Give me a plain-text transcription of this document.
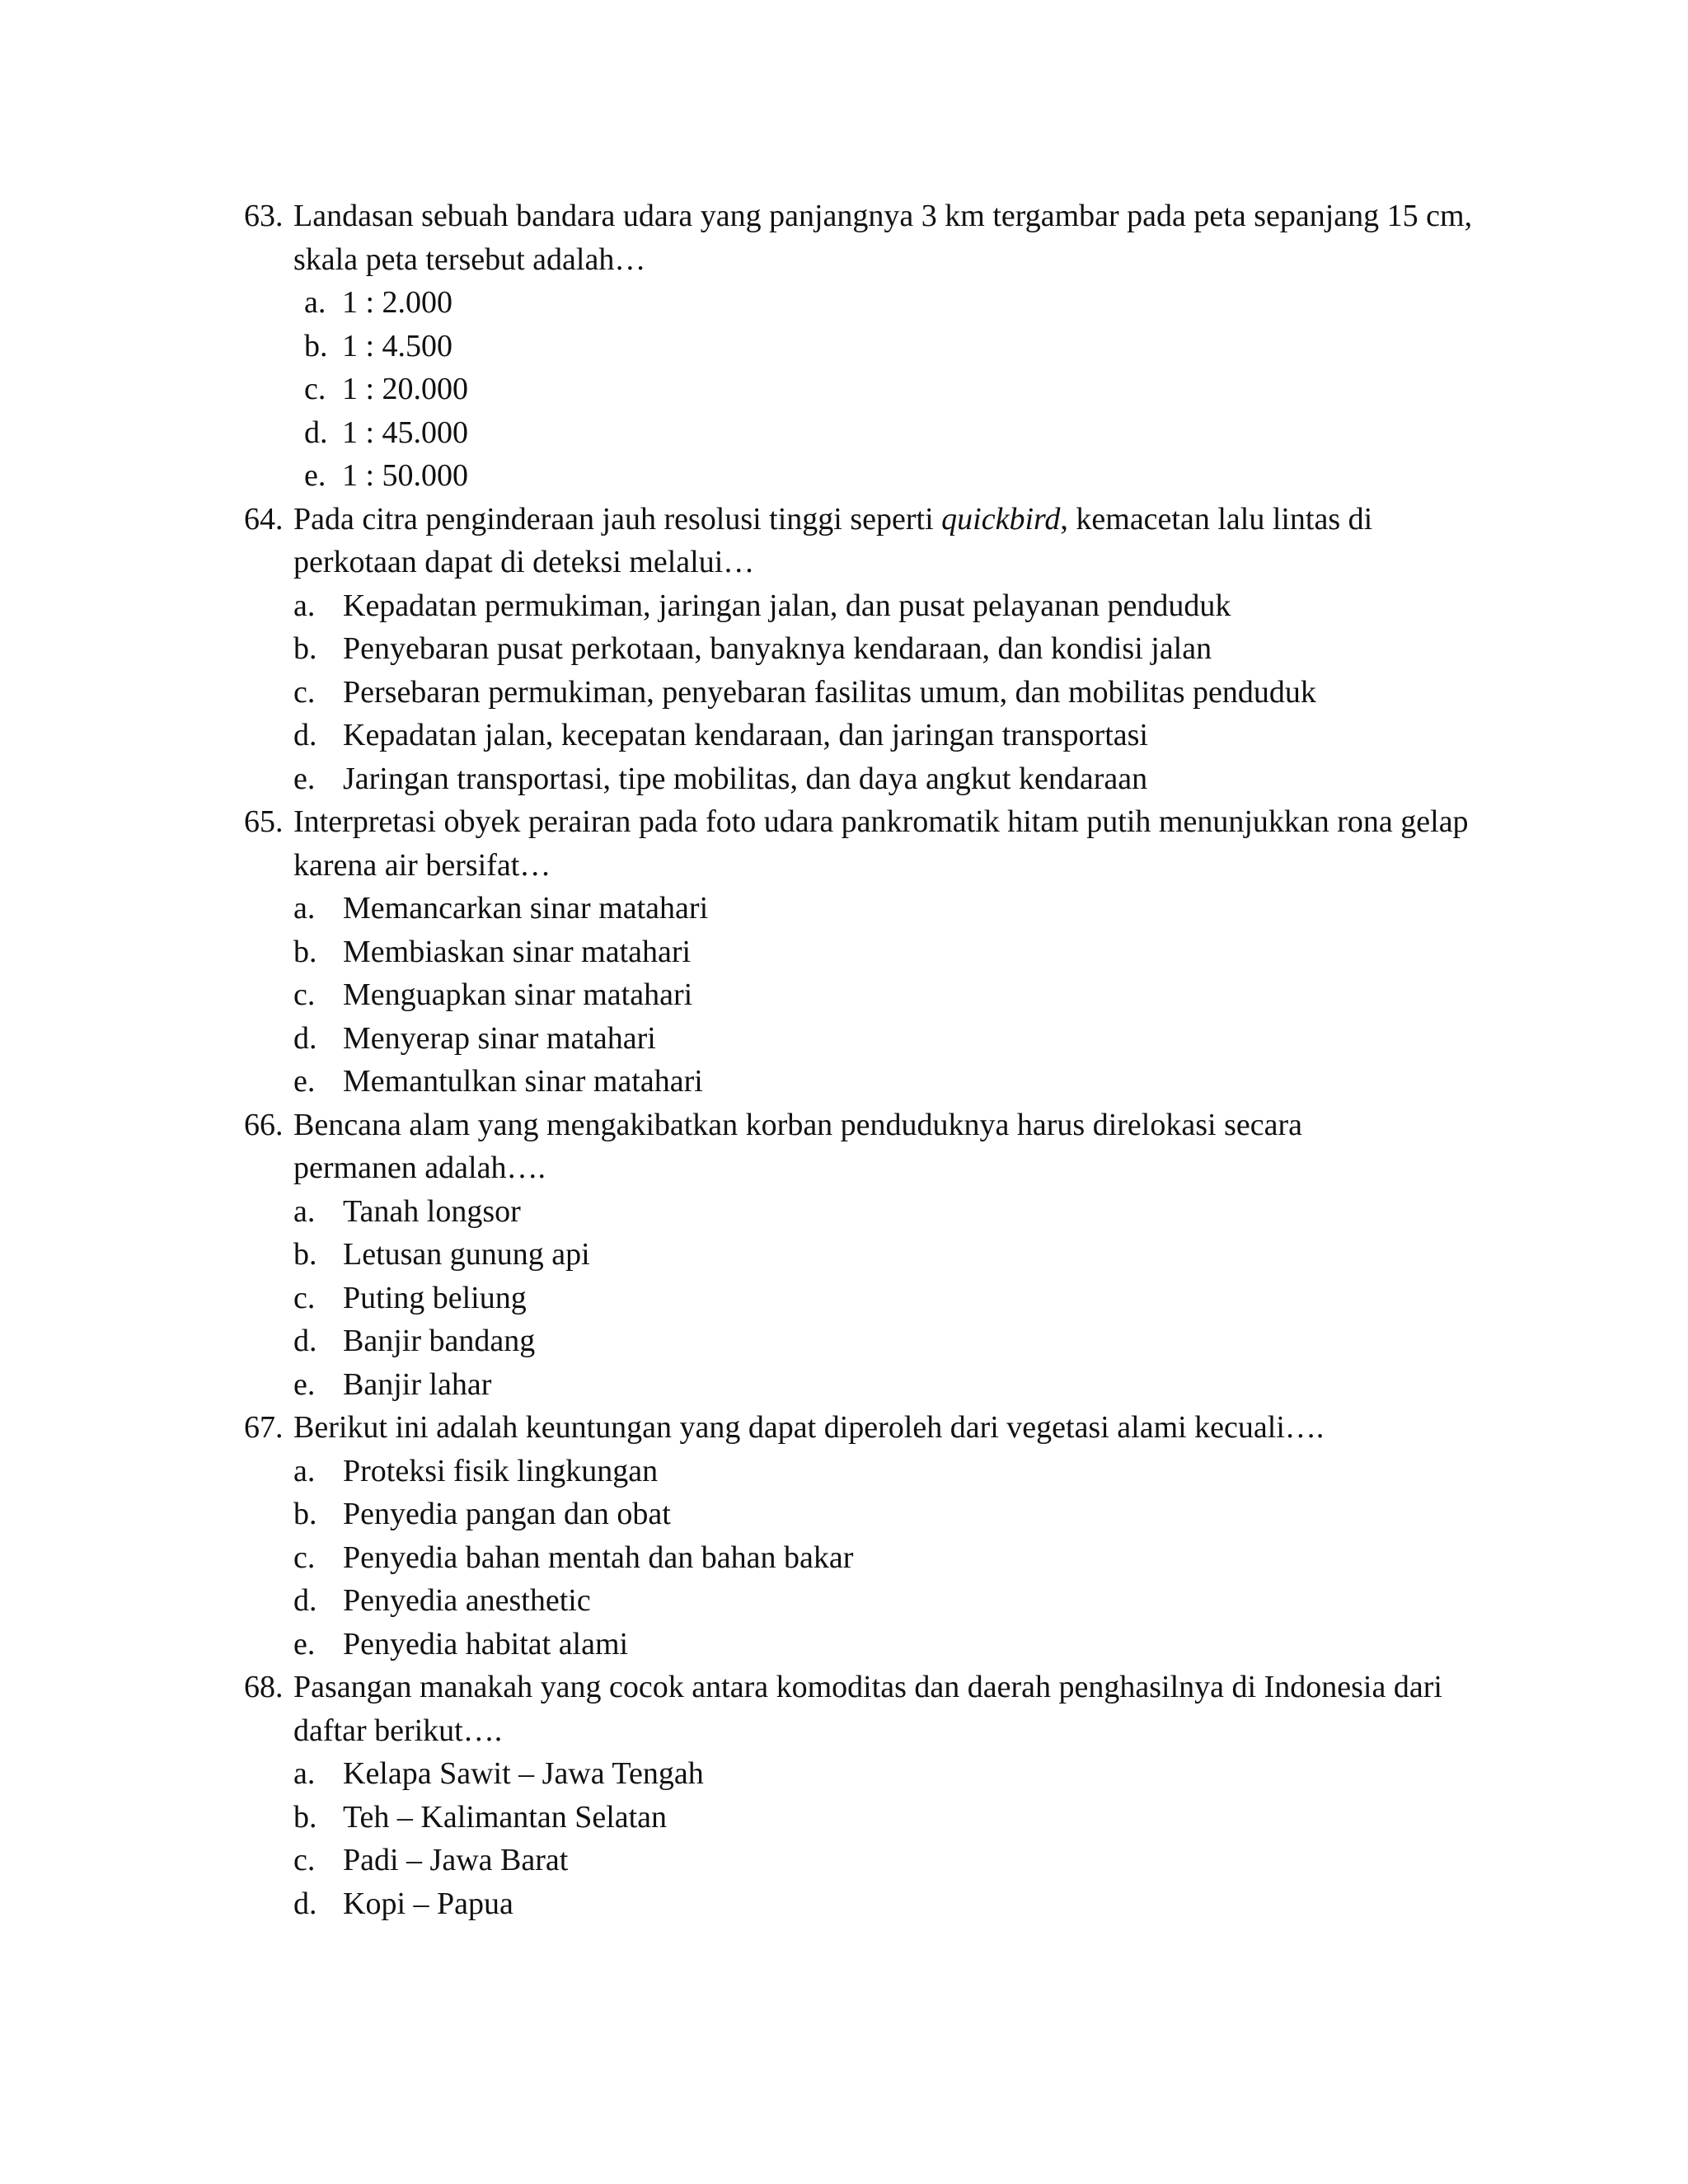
63. Landasan sebuah bandara udara yang panjangnya 3 km tergambar pada peta sepanjang 15 cm, skala peta tersebut adalah…
a. 1 : 2.000
b. 1 : 4.500
c. 1 : 20.000
d. 1 : 45.000
e. 1 : 50.000
64. Pada citra penginderaan jauh resolusi tinggi seperti quickbird, kemacetan lalu lintas di perkotaan dapat di deteksi melalui…
a. Kepadatan permukiman, jaringan jalan, dan pusat pelayanan penduduk
b. Penyebaran pusat perkotaan, banyaknya kendaraan, dan kondisi jalan
c. Persebaran permukiman, penyebaran fasilitas umum, dan mobilitas penduduk
d. Kepadatan jalan, kecepatan kendaraan, dan jaringan transportasi
e. Jaringan transportasi, tipe mobilitas, dan daya angkut kendaraan
65. Interpretasi obyek perairan pada foto udara pankromatik hitam putih menunjukkan rona gelap karena air bersifat…
a. Memancarkan sinar matahari
b. Membiaskan sinar matahari
c. Menguapkan sinar matahari
d. Menyerap sinar matahari
e. Memantulkan sinar matahari
66. Bencana alam yang mengakibatkan korban penduduknya harus direlokasi secara permanen adalah….
a. Tanah longsor
b. Letusan gunung api
c. Puting beliung
d. Banjir bandang
e. Banjir lahar
67. Berikut ini adalah keuntungan yang dapat diperoleh dari vegetasi alami kecuali….
a. Proteksi fisik lingkungan
b. Penyedia pangan dan obat
c. Penyedia bahan mentah dan bahan bakar
d. Penyedia anesthetic
e. Penyedia habitat alami
68. Pasangan manakah yang cocok antara komoditas dan daerah penghasilnya di Indonesia dari daftar berikut….
a. Kelapa Sawit – Jawa Tengah
b. Teh – Kalimantan Selatan
c. Padi – Jawa Barat
d. Kopi – Papua
